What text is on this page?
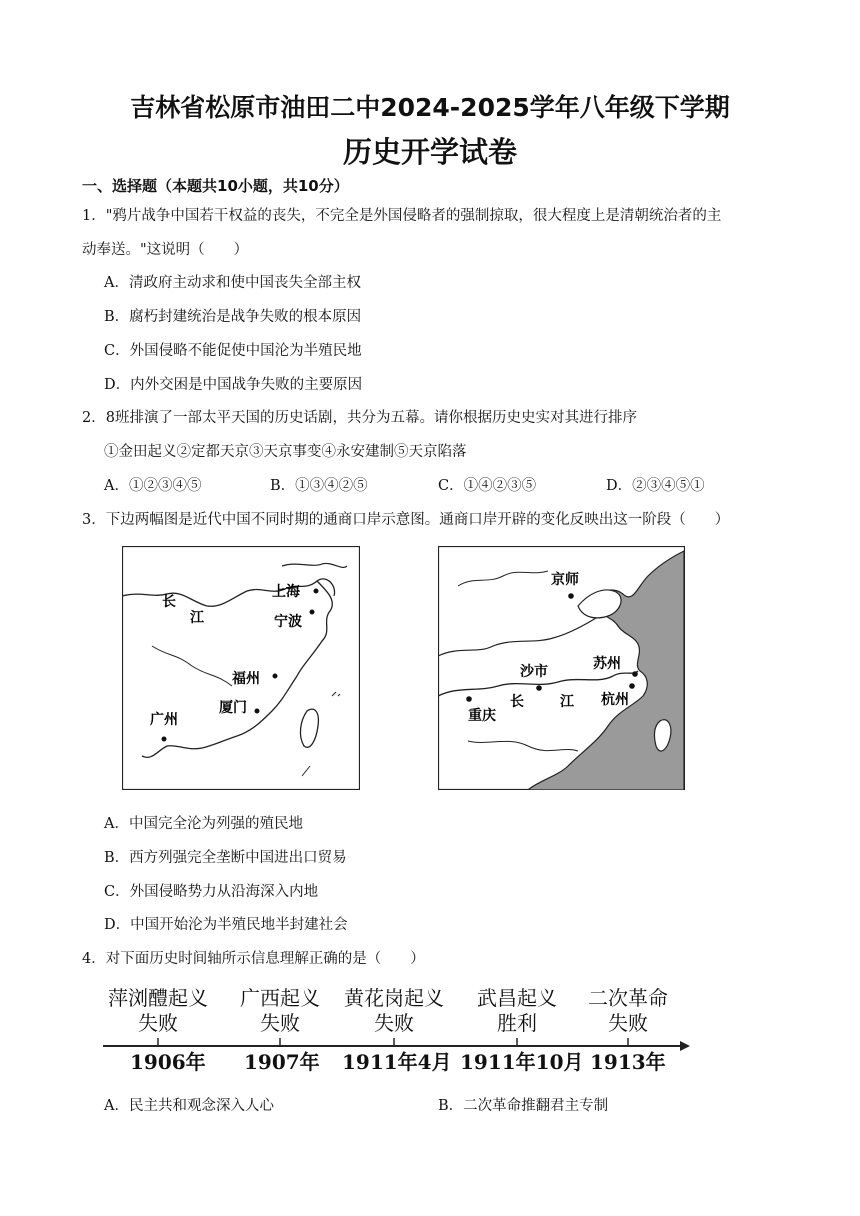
吉林省松原市油田二中2024-2025学年八年级下学期
历史开学试卷
一、选择题（本题共10小题，共10分）
1．"鸦片战争中国若干权益的丧失，不完全是外国侵略者的强制掠取，很大程度上是清朝统治者的主
动奉送。"这说明（　　）
A．清政府主动求和使中国丧失全部主权
B．腐朽封建统治是战争失败的根本原因
C．外国侵略不能促使中国沦为半殖民地
D．内外交困是中国战争失败的主要原因
2．8班排演了一部太平天国的历史话剧，共分为五幕。请你根据历史史实对其进行排序
①金田起义②定都天京③天京事变④永安建制⑤天京陷落
A．①②③④⑤	B．①③④②⑤	C．①④②③⑤	D．②③④⑤①
3．下边两幅图是近代中国不同时期的通商口岸示意图。通商口岸开辟的变化反映出这一阶段（　　）
长
江
上海
宁波
福州
厦门
广州
京师
苏州
沙市
重庆
长	江 杭州
A．中国完全沦为列强的殖民地
B．西方列强完全垄断中国进出口贸易
C．外国侵略势力从沿海深入内地
D．中国开始沦为半殖民地半封建社会
4．对下面历史时间轴所示信息理解正确的是（　　）
萍浏醴起义
失败
广西起义
失败
黄花岗起义
失败
武昌起义
胜利
二次革命
失败
1906年 1907年 1911年4月 1911年10月 1913年
A．民主共和观念深入人心	B．二次革命推翻君主专制
